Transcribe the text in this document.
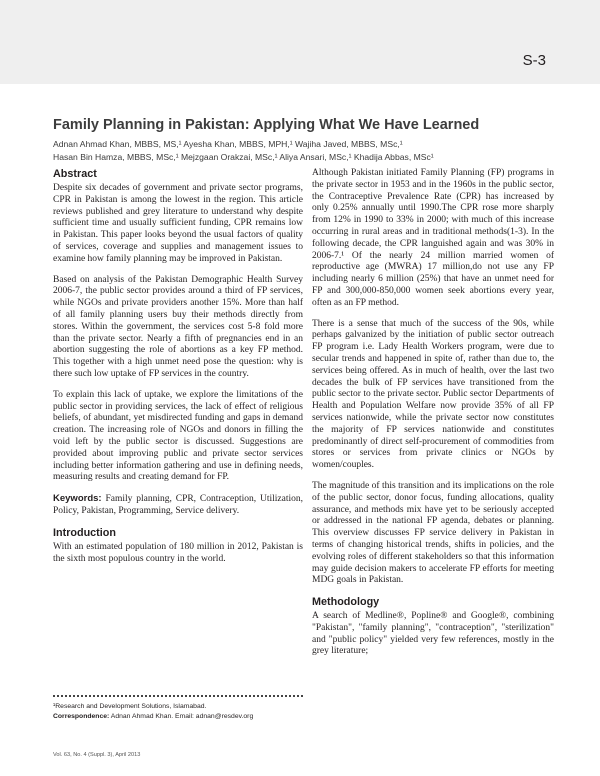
S-3
Family Planning in Pakistan: Applying What We Have Learned
Adnan Ahmad Khan, MBBS, MS,¹ Ayesha Khan, MBBS, MPH,¹ Wajiha Javed, MBBS, MSc,¹
Hasan Bin Hamza, MBBS, MSc,¹ Mejzgaan Orakzai, MSc,¹ Aliya Ansari, MSc,¹ Khadija Abbas, MSc¹
Abstract

Despite six decades of government and private sector programs, CPR in Pakistan is among the lowest in the region. This article reviews published and grey literature to understand why despite sufficient time and usually sufficient funding, CPR remains low in Pakistan. This paper looks beyond the usual factors of quality of services, coverage and supplies and management issues to examine how family planning may be improved in Pakistan.

Based on analysis of the Pakistan Demographic Health Survey 2006-7, the public sector provides around a third of FP services, while NGOs and private providers another 15%. More than half of all family planning users buy their methods directly from stores. Within the government, the services cost 5-8 fold more than the private sector. Nearly a fifth of pregnancies end in an abortion suggesting the role of abortions as a key FP method. This together with a high unmet need pose the question: why is there such low uptake of FP services in the country.

To explain this lack of uptake, we explore the limitations of the public sector in providing services, the lack of effect of religious beliefs, of abundant, yet misdirected funding and gaps in demand creation. The increasing role of NGOs and donors in filling the void left by the public sector is discussed. Suggestions are provided about improving public and private sector services including better information gathering and use in defining needs, measuring results and creating demand for FP.

Keywords: Family planning, CPR, Contraception, Utilization, Policy, Pakistan, Programming, Service delivery.

Introduction

With an estimated population of 180 million in 2012, Pakistan is the sixth most populous country in the world.

¹Research and Development Solutions, Islamabad.
Correspondence: Adnan Ahmad Khan. Email: adnan@resdev.org
Vol. 63, No. 4 (Suppl. 3), April 2013

Although Pakistan initiated Family Planning (FP) programs in the private sector in 1953 and in the 1960s in the public sector, the Contraceptive Prevalence Rate (CPR) has increased by only 0.25% annually until 1990.The CPR rose more sharply from 12% in 1990 to 33% in 2000; with much of this increase occurring in rural areas and in traditional methods(1-3). In the following decade, the CPR languished again and was 30% in 2006-7.¹ Of the nearly 24 million married women of reproductive age (MWRA) 17 million,do not use any FP including nearly 6 million (25%) that have an unmet need for FP and 300,000-850,000 women seek abortions every year, often as an FP method.

There is a sense that much of the success of the 90s, while perhaps galvanized by the initiation of public sector outreach FP program i.e. Lady Health Workers program, were due to secular trends and happened in spite of, rather than due to, the services being offered. As in much of health, over the last two decades the bulk of FP services have transitioned from the public sector to the private sector. Public sector Departments of Health and Population Welfare now provide 35% of all FP services nationwide, while the private sector now constitutes the majority of FP services nationwide and constitutes predominantly of direct self-procurement of commodities from stores or services from private clinics or NGOs by women/couples.

The magnitude of this transition and its implications on the role of the public sector, donor focus, funding allocations, quality assurance, and methods mix have yet to be seriously accepted or addressed in the national FP agenda, debates or planning. This overview discusses FP service delivery in Pakistan in terms of changing historical trends, shifts in policies, and the evolving roles of different stakeholders so that this information may guide decision makers to accelerate FP efforts for meeting MDG goals in Pakistan.

Methodology

A search of Medline®, Popline® and Google®, combining "Pakistan", "family planning", "contraception", "sterilization" and "public policy" yielded very few references, mostly in the grey literature;
